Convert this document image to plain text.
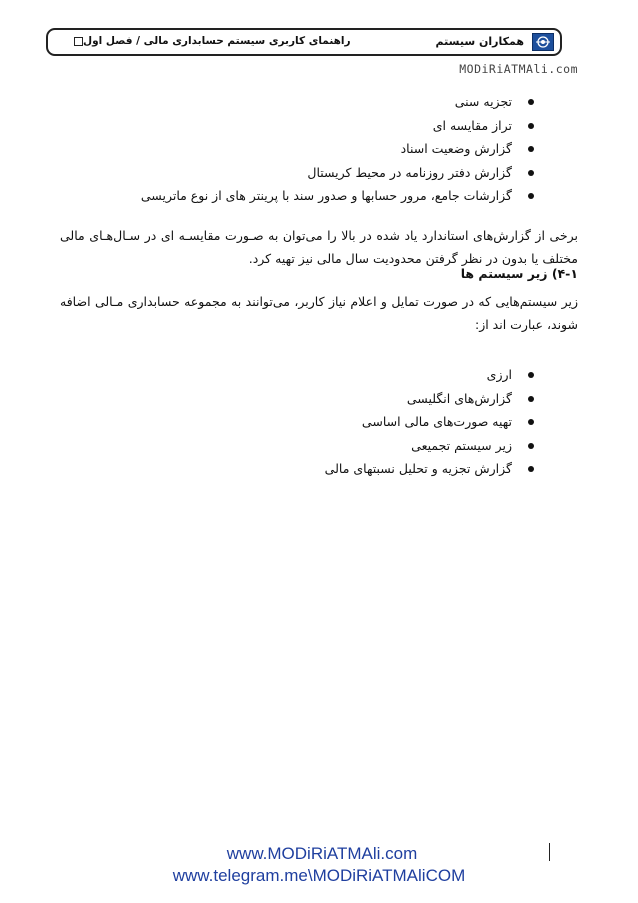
همکاران سیستم
راهنمای کاربری سیستم حسابداری مالی / فصل اول
MODiRiATMAli.com
تجزیه سنی
تراز مقایسه ای
گزارش وضعیت اسناد
گزارش دفتر روزنامه در محیط کریستال
گزارشات جامع، مرور حسابها و صدور سند با پرینتر های از نوع ماتریسی

برخی از گزارش‌های استاندارد یاد شده در بالا را می‌توان به صـورت مقایسـه ای در سـال‌هـای مالی مختلف یا بدون در نظر گرفتن محدودیت سال مالی نیز تهیه کرد.

۴-۱) زیر سیستم ها

زیر سیستم‌هایی که در صورت تمایل و اعلام نیاز کاربر، می‌توانند به مجموعه حسابداری مـالی اضافه شوند، عبارت اند از:

ارزی
گزارش‌های انگلیسی
تهیه صورت‌های مالی اساسی
زیر سیستم تجمیعی
گزارش تجزیه و تحلیل نسبتهای مالی
www.MODiRiATMAli.com
www.telegram.me\MODiRiATMAliCOM
